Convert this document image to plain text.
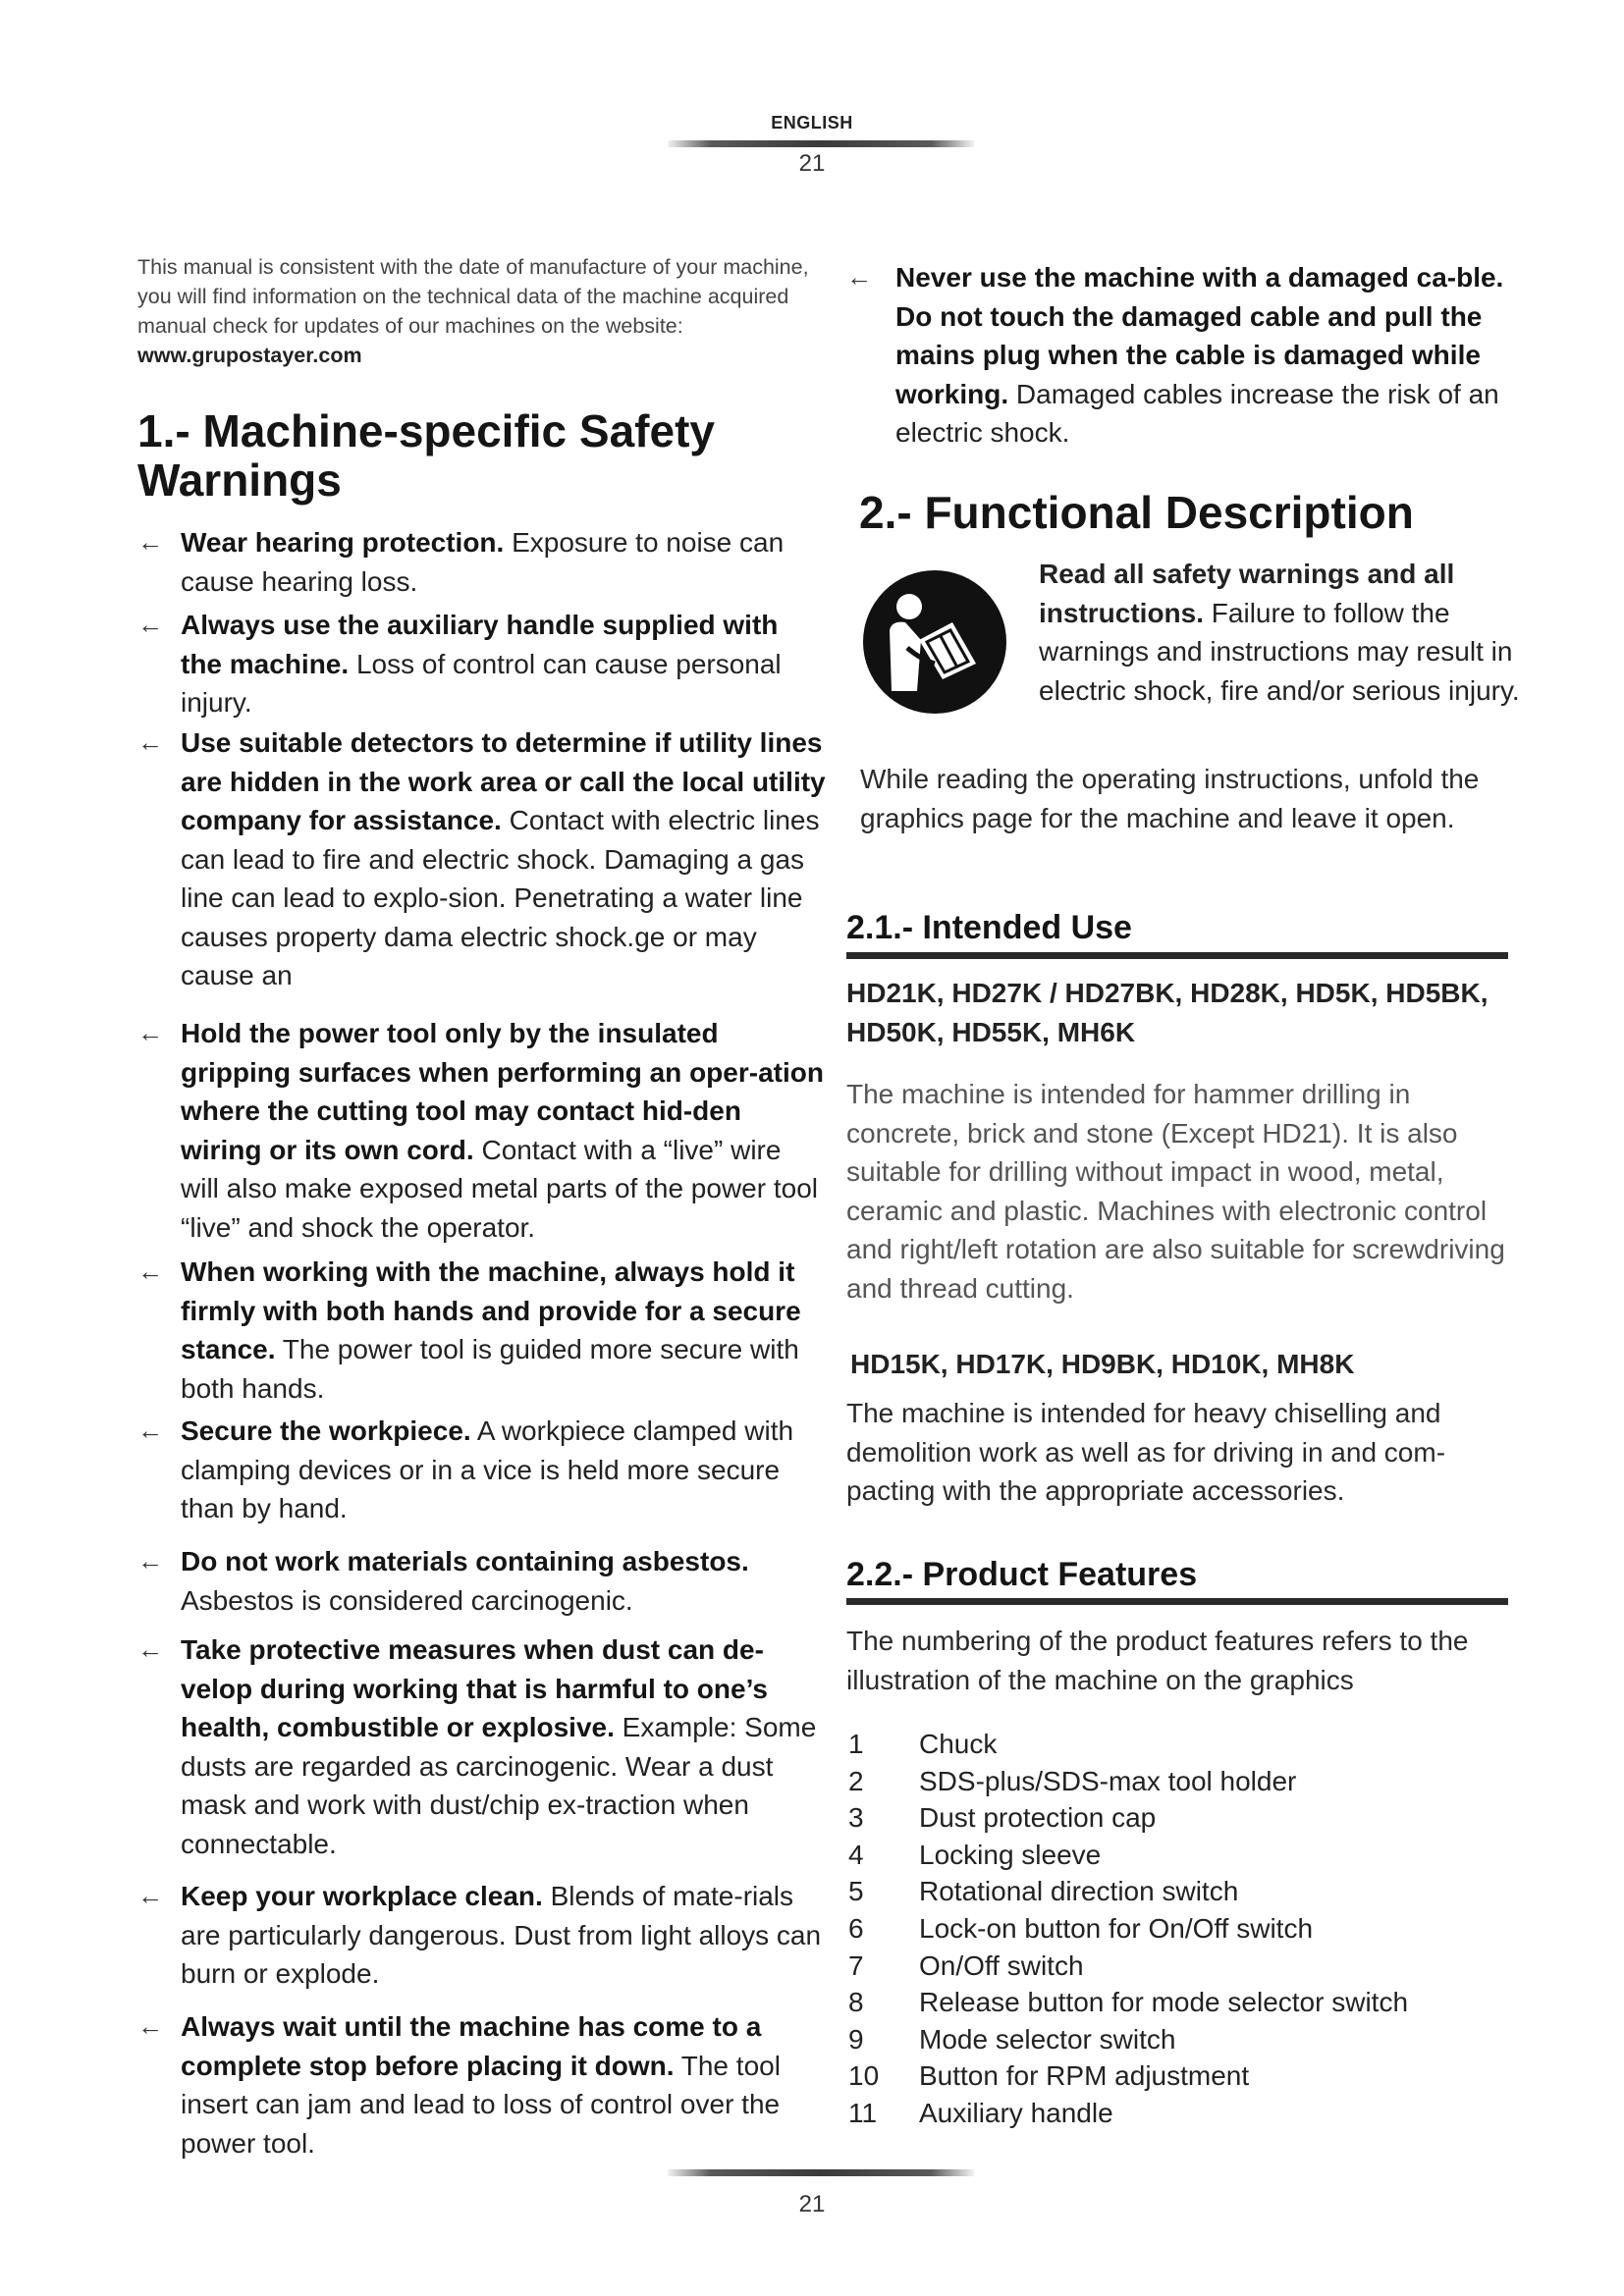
ENGLISH
21
This manual is consistent with the date of manufacture of your machine, you will find information on the technical data of the machine acquired manual check for updates of our machines on the website: www.grupostayer.com
1.- Machine-specific Safety
Warnings
← Wear hearing protection. Exposure to noise can cause hearing loss.
← Always use the auxiliary handle supplied with the machine. Loss of control can cause personal injury.
← Use suitable detectors to determine if utility lines are hidden in the work area or call the local utility company for assistance. Contact with electric lines can lead to fire and electric shock. Damaging a gas line can lead to explo-sion. Penetrating a water line causes property dama electric shock.ge or may cause an
← Hold the power tool only by the insulated gripping surfaces when performing an oper-ation where the cutting tool may contact hid-den wiring or its own cord. Contact with a “live” wire will also make exposed metal parts of the power tool “live” and shock the operator.
← When working with the machine, always hold it firmly with both hands and provide for a secure stance. The power tool is guided more secure with both hands.
← Secure the workpiece. A workpiece clamped with clamping devices or in a vice is held more secure than by hand.
← Do not work materials containing asbestos. Asbestos is considered carcinogenic.
← Take protective measures when dust can de-velop during working that is harmful to one’s health, combustible or explosive. Example: Some dusts are regarded as carcinogenic. Wear a dust mask and work with dust/chip ex-traction when connectable.
← Keep your workplace clean. Blends of mate-rials are particularly dangerous. Dust from light alloys can burn or explode.
← Always wait until the machine has come to a complete stop before placing it down. The tool insert can jam and lead to loss of control over the power tool.
← Never use the machine with a damaged ca-ble. Do not touch the damaged cable and pull the mains plug when the cable is damaged while working. Damaged cables increase the risk of an electric shock.
2.- Functional Description
Read all safety warnings and all instructions. Failure to follow the warnings and instructions may result in electric shock, fire and/or serious injury.
While reading the operating instructions, unfold the graphics page for the machine and leave it open.
2.1.- Intended Use
HD21K, HD27K / HD27BK, HD28K, HD5K, HD5BK, HD50K, HD55K, MH6K
The machine is intended for hammer drilling in concrete, brick and stone (Except HD21). It is also suitable for drilling without impact in wood, metal, ceramic and plastic. Machines with electronic control and right/left rotation are also suitable for screwdriving and thread cutting.
HD15K, HD17K, HD9BK, HD10K, MH8K
The machine is intended for heavy chiselling and demolition work as well as for driving in and com-pacting with the appropriate accessories.
2.2.- Product Features
The numbering of the product features refers to the illustration of the machine on the graphics
1 Chuck
2 SDS-plus/SDS-max tool holder
3 Dust protection cap
4 Locking sleeve
5 Rotational direction switch
6 Lock-on button for On/Off switch
7 On/Off switch
8 Release button for mode selector switch
9 Mode selector switch
10 Button for RPM adjustment
11 Auxiliary handle
21
